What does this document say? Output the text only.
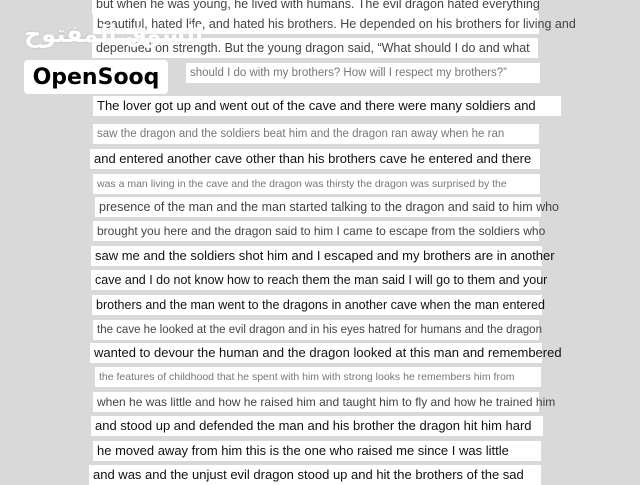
but when he was young, he lived with humans. The evil dragon hated everything
beautiful, hated life, and hated his brothers. He depended on his brothers for living and
depended on strength. But the young dragon said, “What should I do and what
should I do with my brothers? How will I respect my brothers?”
The lover got up and went out of the cave and there were many soldiers and
saw the dragon and the soldiers beat him and the dragon ran away when he ran
and entered another cave other than his brothers cave he entered and there
was a man living in the cave and the dragon was thirsty the dragon was surprised by the
presence of the man and the man started talking to the dragon and said to him who
brought you here and the dragon said to him I came to escape from the soldiers who
saw me and the soldiers shot him and I escaped and my brothers are in another
cave and I do not know how to reach them the man said I will go to them and your
brothers and the man went to the dragons in another cave when the man entered
the cave he looked at the evil dragon and in his eyes hatred for humans and the dragon
wanted to devour the human and the dragon looked at this man and remembered
the features of childhood that he spent with him with strong looks he remembers him from
when he was little and how he raised him and taught him to fly and how he trained him
and stood up and defended the man and his brother the dragon hit him hard
he moved away from him this is the one who raised me since I was little
and was and the unjust evil dragon stood up and hit the brothers of the sad
السوق المفتوح
OpenSooq
